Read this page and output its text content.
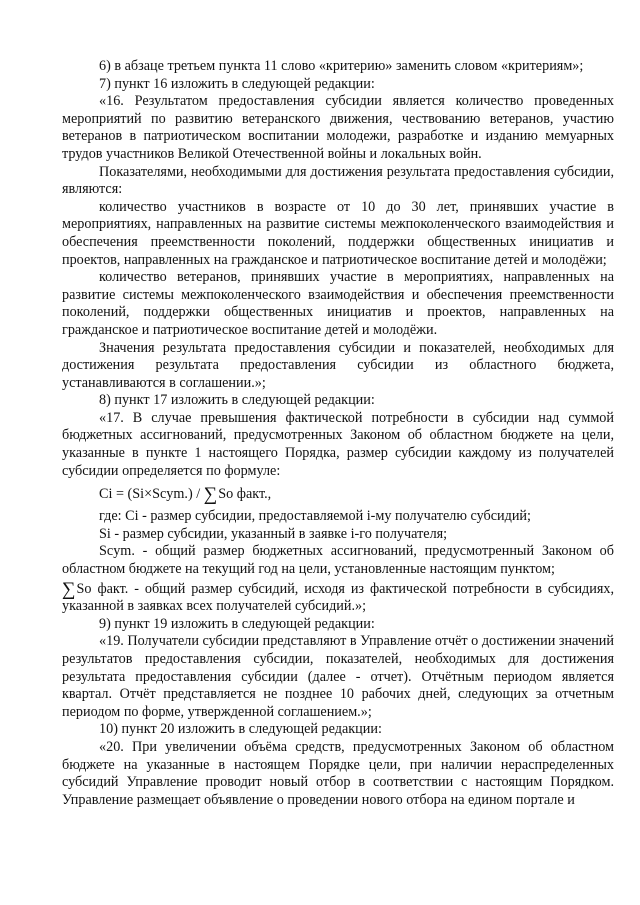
6) в абзаце третьем пункта 11 слово «критерию» заменить словом «критериям»;

7) пункт 16 изложить в следующей редакции:

«16. Результатом предоставления субсидии является количество проведенных мероприятий по развитию ветеранского движения, чествованию ветеранов, участию ветеранов в патриотическом воспитании молодежи, разработке и изданию мемуарных трудов участников Великой Отечественной войны и локальных войн.

Показателями, необходимыми для достижения результата предоставления субсидии, являются:

количество участников в возрасте от 10 до 30 лет, принявших участие в мероприятиях, направленных на развитие системы межпоколенческого взаимодействия и обеспечения преемственности поколений, поддержки общественных инициатив и проектов, направленных на гражданское и патриотическое воспитание детей и молодёжи;

количество ветеранов, принявших участие в мероприятиях, направленных на развитие системы межпоколенческого взаимодействия и обеспечения преемственности поколений, поддержки общественных инициатив и проектов, направленных на гражданское и патриотическое воспитание детей и молодёжи.

Значения результата предоставления субсидии и показателей, необходимых для достижения результата предоставления субсидии из областного бюджета, устанавливаются в соглашении.»;

8) пункт 17 изложить в следующей редакции:

«17. В случае превышения фактической потребности в субсидии над суммой бюджетных ассигнований, предусмотренных Законом об областном бюджете на цели, указанные в пункте 1 настоящего Порядка, размер субсидии каждому из получателей субсидии определяется по формуле:

Ci = (Si×Scym.) / ∑So факт.,

где: Ci - размер субсидии, предоставляемой i-му получателю субсидий;

Si - размер субсидии, указанный в заявке i-го получателя;

Scym. - общий размер бюджетных ассигнований, предусмотренный Законом об областном бюджете на текущий год на цели, установленные настоящим пунктом;

∑So факт. - общий размер субсидий, исходя из фактической потребности в субсидиях, указанной в заявках всех получателей субсидий.»;

9) пункт 19 изложить в следующей редакции:

«19. Получатели субсидии представляют в Управление отчёт о достижении значений результатов предоставления субсидии, показателей, необходимых для достижения результата предоставления субсидии (далее - отчет). Отчётным периодом является квартал. Отчёт представляется не позднее 10 рабочих дней, следующих за отчетным периодом по форме, утвержденной соглашением.»;

10) пункт 20 изложить в следующей редакции:

«20. При увеличении объёма средств, предусмотренных Законом об областном бюджете на указанные в настоящем Порядке цели, при наличии нераспределенных субсидий Управление проводит новый отбор в соответствии с настоящим Порядком. Управление размещает объявление о проведении нового отбора на едином портале и
